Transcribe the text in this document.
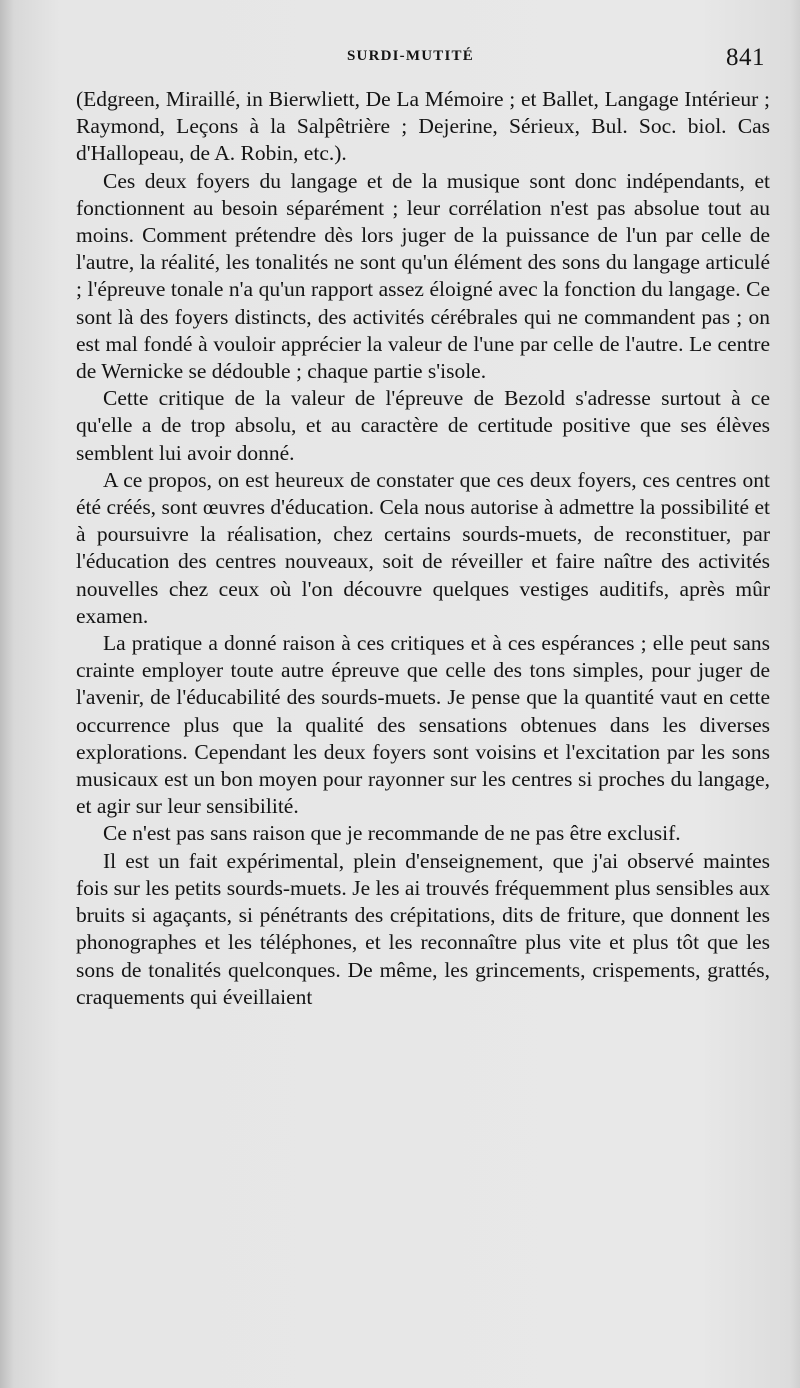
SURDI-MUTITÉ	841

(Edgreen, Miraillé, in Bierwliett, De La Mémoire ; et Ballet, Langage Intérieur ; Raymond, Leçons à la Salpêtrière ; Dejerine, Sérieux, Bul. Soc. biol. Cas d'Hallopeau, de A. Robin, etc.).

Ces deux foyers du langage et de la musique sont donc indépendants, et fonctionnent au besoin séparément ; leur corrélation n'est pas absolue tout au moins. Comment prétendre dès lors juger de la puissance de l'un par celle de l'autre, la réalité, les tonalités ne sont qu'un élément des sons du langage articulé ; l'épreuve tonale n'a qu'un rapport assez éloigné avec la fonction du langage. Ce sont là des foyers distincts, des activités cérébrales qui ne commandent pas ; on est mal fondé à vouloir apprécier la valeur de l'une par celle de l'autre. Le centre de Wernicke se dédouble ; chaque partie s'isole.

Cette critique de la valeur de l'épreuve de Bezold s'adresse surtout à ce qu'elle a de trop absolu, et au caractère de certitude positive que ses élèves semblent lui avoir donné.

A ce propos, on est heureux de constater que ces deux foyers, ces centres ont été créés, sont œuvres d'éducation. Cela nous autorise à admettre la possibilité et à poursuivre la réalisation, chez certains sourds-muets, de reconstituer, par l'éducation des centres nouveaux, soit de réveiller et faire naître des activités nouvelles chez ceux où l'on découvre quelques vestiges auditifs, après mûr examen.

La pratique a donné raison à ces critiques et à ces espérances ; elle peut sans crainte employer toute autre épreuve que celle des tons simples, pour juger de l'avenir, de l'éducabilité des sourds-muets. Je pense que la quantité vaut en cette occurrence plus que la qualité des sensations obtenues dans les diverses explorations. Cependant les deux foyers sont voisins et l'excitation par les sons musicaux est un bon moyen pour rayonner sur les centres si proches du langage, et agir sur leur sensibilité.

Ce n'est pas sans raison que je recommande de ne pas être exclusif.

Il est un fait expérimental, plein d'enseignement, que j'ai observé maintes fois sur les petits sourds-muets. Je les ai trouvés fréquemment plus sensibles aux bruits si agaçants, si pénétrants des crépitations, dits de friture, que donnent les phonographes et les téléphones, et les reconnaître plus vite et plus tôt que les sons de tonalités quelconques. De même, les grincements, crispements, grattés, craquements qui éveillaient
